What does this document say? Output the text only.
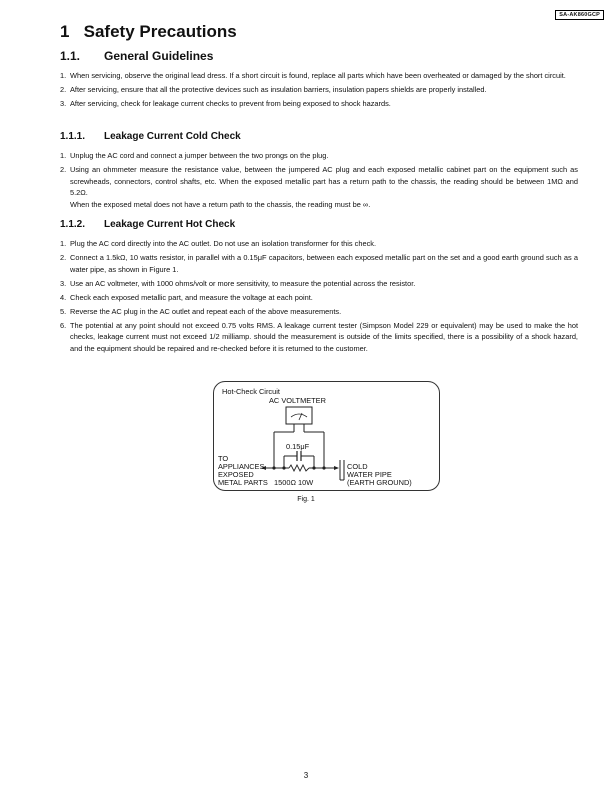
SA-AK860GCP
1 Safety Precautions
1.1. General Guidelines
1. When servicing, observe the original lead dress. If a short circuit is found, replace all parts which have been overheated or damaged by the short circuit.
2. After servicing, ensure that all the protective devices such as insulation barriers, insulation papers shields are properly installed.
3. After servicing, check for leakage current checks to prevent from being exposed to shock hazards.
1.1.1. Leakage Current Cold Check
1. Unplug the AC cord and connect a jumper between the two prongs on the plug.
2. Using an ohmmeter measure the resistance value, between the jumpered AC plug and each exposed metallic cabinet part on the equipment such as screwheads, connectors, control shafts, etc. When the exposed metallic part has a return path to the chassis, the reading should be between 1MΩ and 5.2Ω.
When the exposed metal does not have a return path to the chassis, the reading must be ∞.
1.1.2. Leakage Current Hot Check
1. Plug the AC cord directly into the AC outlet. Do not use an isolation transformer for this check.
2. Connect a 1.5kΩ, 10 watts resistor, in parallel with a 0.15μF capacitors, between each exposed metallic part on the set and a good earth ground such as a water pipe, as shown in Figure 1.
3. Use an AC voltmeter, with 1000 ohms/volt or more sensitivity, to measure the potential across the resistor.
4. Check each exposed metallic part, and measure the voltage at each point.
5. Reverse the AC plug in the AC outlet and repeat each of the above measurements.
6. The potential at any point should not exceed 0.75 volts RMS. A leakage current tester (Simpson Model 229 or equivalent) may be used to make the hot checks, leakage current must not exceed 1/2 milliamp. should the measurement is outside of the limits specified, there is a possibility of a shock hazard, and the equipment should be repaired and re-checked before it is returned to the customer.
Hot-Check Circuit
AC VOLTMETER
0.15μF
TO
APPLIANCES
EXPOSED
METAL PARTS 1500Ω 10W
COLD
WATER PIPE
(EARTH GROUND)
Fig. 1
3
